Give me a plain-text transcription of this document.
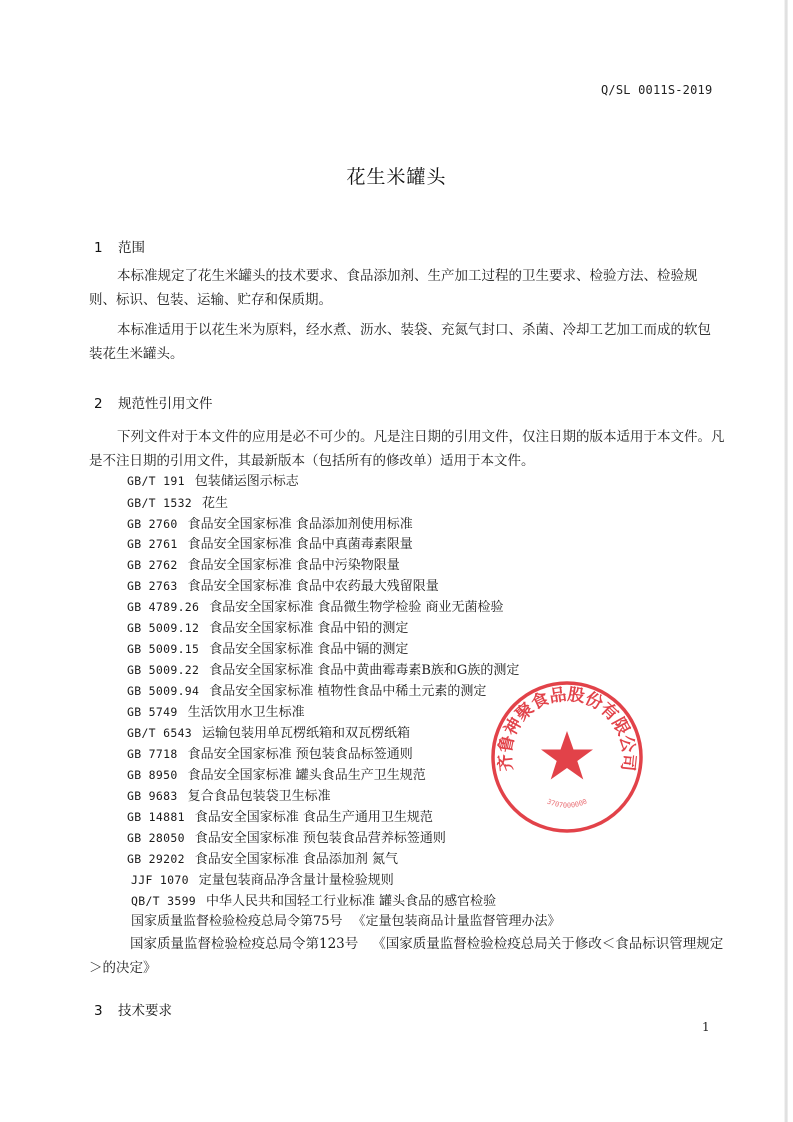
Q/SL 0011S-2019
花生米罐头
1 范围

本标准规定了花生米罐头的技术要求、食品添加剂、生产加工过程的卫生要求、检验方法、检验规则、标识、包装、运输、贮存和保质期。

本标准适用于以花生米为原料，经水煮、沥水、装袋、充氮气封口、杀菌、冷却工艺加工而成的软包装花生米罐头。

2 规范性引用文件

下列文件对于本文件的应用是必不可少的。凡是注日期的引用文件，仅注日期的版本适用于本文件。凡是不注日期的引用文件，其最新版本（包括所有的修改单）适用于本文件。

GB/T 191 包装储运图示标志
GB/T 1532 花生
GB 2760 食品安全国家标准 食品添加剂使用标准
GB 2761 食品安全国家标准 食品中真菌毒素限量
GB 2762 食品安全国家标准 食品中污染物限量
GB 2763 食品安全国家标准 食品中农药最大残留限量
GB 4789.26 食品安全国家标准 食品微生物学检验 商业无菌检验
GB 5009.12 食品安全国家标准 食品中铅的测定
GB 5009.15 食品安全国家标准 食品中镉的测定
GB 5009.22 食品安全国家标准 食品中黄曲霉毒素B族和G族的测定
GB 5009.94 食品安全国家标准 植物性食品中稀土元素的测定
GB 5749 生活饮用水卫生标准
GB/T 6543 运输包装用单瓦楞纸箱和双瓦楞纸箱
GB 7718 食品安全国家标准 预包装食品标签通则
GB 8950 食品安全国家标准 罐头食品生产卫生规范
GB 9683 复合食品包装袋卫生标准
GB 14881 食品安全国家标准 食品生产通用卫生规范
GB 28050 食品安全国家标准 预包装食品营养标签通则
GB 29202 食品安全国家标准 食品添加剂 氮气
JJF 1070 定量包装商品净含量计量检验规则
QB/T 3599 中华人民共和国轻工行业标准 罐头食品的感官检验
国家质量监督检验检疫总局令第75号 《定量包装商品计量监督管理办法》

国家质量监督检验检疫总局令第123号 《国家质量监督检验检疫总局关于修改＜食品标识管理规定＞的决定》

3 技术要求
1
齐鲁神聚食品股份有限公司
3707000000
